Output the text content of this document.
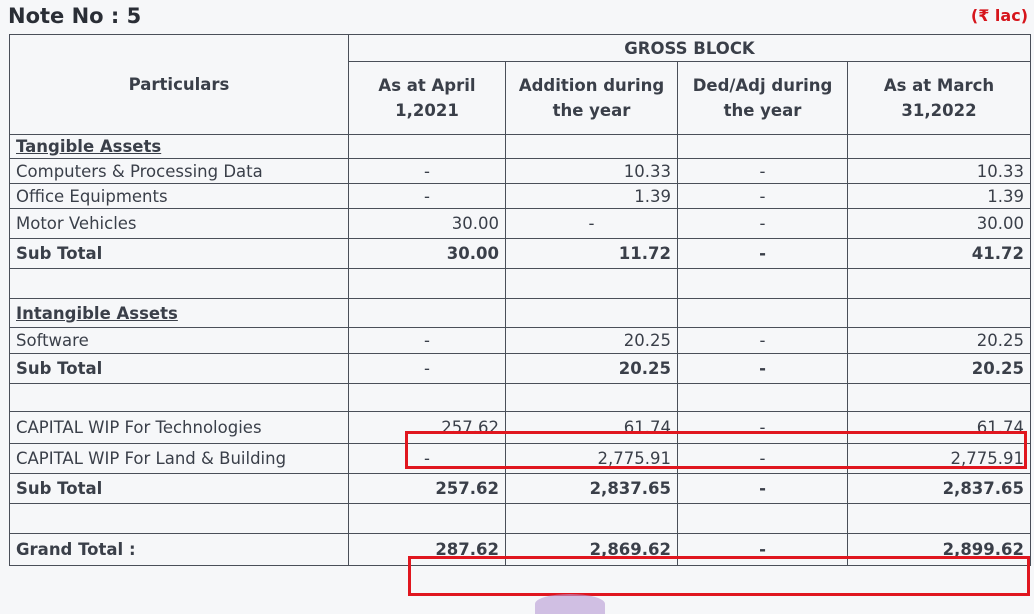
Note No : 5	(₹ lac)
Particulars	GROSS BLOCK			
	As at April 1,2021	Addition during the year	Ded/Adj during the year	As at March 31,2022
Tangible Assets				
Computers & Processing Data	-	10.33	-	10.33
Office Equipments	-	1.39	-	1.39
Motor Vehicles	30.00	-	-	30.00
Sub Total	30.00	11.72	-	41.72

Intangible Assets				
Software	-	20.25	-	20.25
Sub Total	-	20.25	-	20.25

CAPITAL WIP For Technologies	257.62	61.74	-	61.74
CAPITAL WIP For Land & Building	-	2,775.91	-	2,775.91
Sub Total	257.62	2,837.65	-	2,837.65

Grand Total :	287.62	2,869.62	-	2,899.62
